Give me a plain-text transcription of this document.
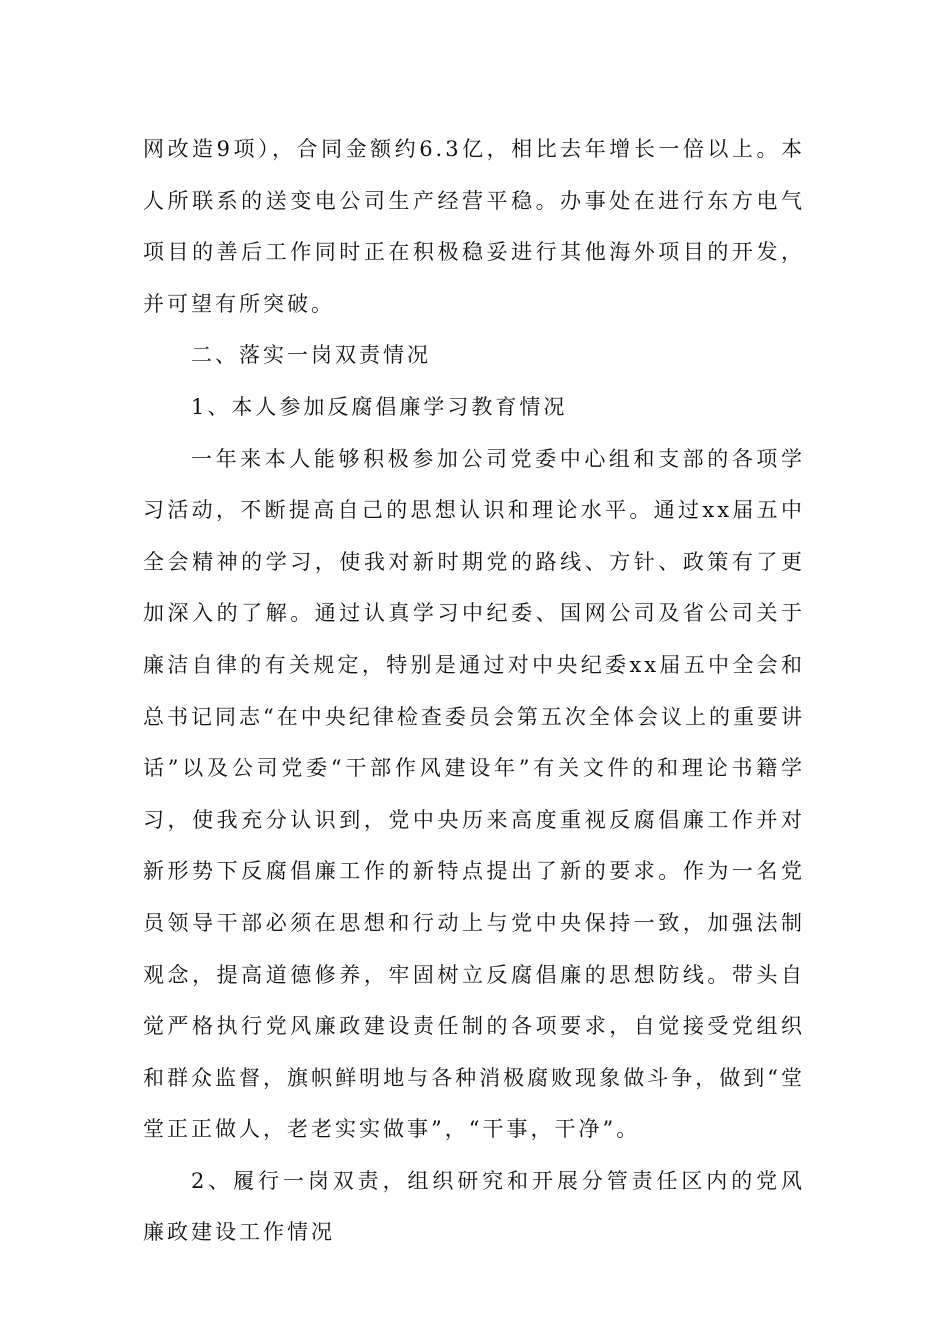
网改造9项），合同金额约6.3亿，相比去年增长一倍以上。本人所联系的送变电公司生产经营平稳。办事处在进行东方电气项目的善后工作同时正在积极稳妥进行其他海外项目的开发，并可望有所突破。

二、落实一岗双责情况

1、本人参加反腐倡廉学习教育情况

一年来本人能够积极参加公司党委中心组和支部的各项学习活动，不断提高自己的思想认识和理论水平。通过xx届五中全会精神的学习，使我对新时期党的路线、方针、政策有了更加深入的了解。通过认真学习中纪委、国网公司及省公司关于廉洁自律的有关规定，特别是通过对中央纪委xx届五中全会和总书记同志“在中央纪律检查委员会第五次全体会议上的重要讲话”以及公司党委“干部作风建设年”有关文件的和理论书籍学习，使我充分认识到，党中央历来高度重视反腐倡廉工作并对新形势下反腐倡廉工作的新特点提出了新的要求。作为一名党员领导干部必须在思想和行动上与党中央保持一致，加强法制观念，提高道德修养，牢固树立反腐倡廉的思想防线。带头自觉严格执行党风廉政建设责任制的各项要求，自觉接受党组织和群众监督，旗帜鲜明地与各种消极腐败现象做斗争，做到“堂堂正正做人，老老实实做事”，“干事，干净”。

2、履行一岗双责，组织研究和开展分管责任区内的党风廉政建设工作情况
